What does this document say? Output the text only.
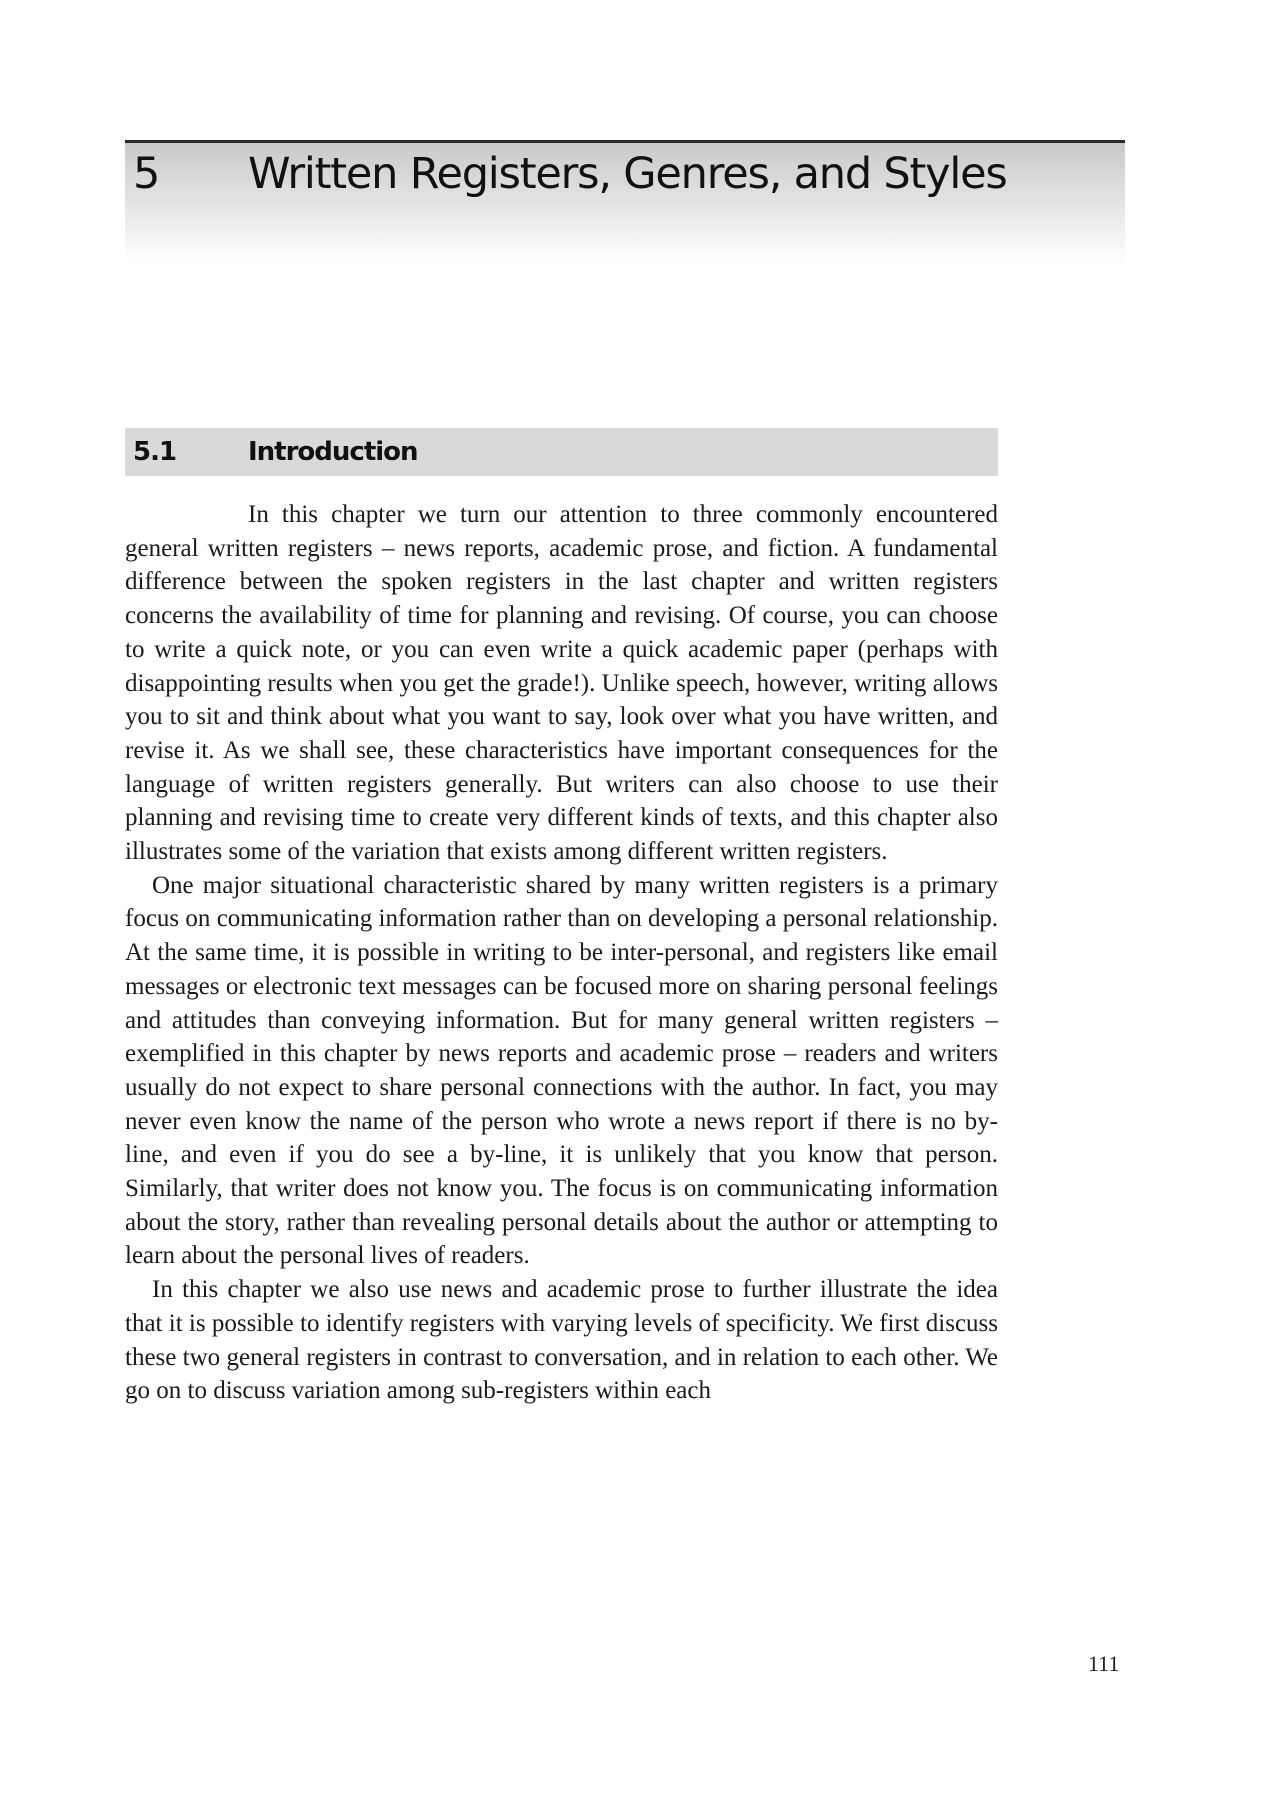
5 Written Registers, Genres, and Styles
5.1	Introduction

In this chapter we turn our attention to three commonly encountered general written registers – news reports, academic prose, and fiction. A fundamental difference between the spoken registers in the last chapter and written registers concerns the availability of time for planning and revising. Of course, you can choose to write a quick note, or you can even write a quick academic paper (perhaps with disappointing results when you get the grade!). Unlike speech, however, writing allows you to sit and think about what you want to say, look over what you have written, and revise it. As we shall see, these characteristics have important consequences for the language of written registers generally. But writers can also choose to use their planning and revising time to create very different kinds of texts, and this chapter also illustrates some of the variation that exists among different written registers.

One major situational characteristic shared by many written registers is a primary focus on communicating information rather than on developing a personal relationship. At the same time, it is possible in writing to be inter-personal, and registers like email messages or electronic text messages can be focused more on sharing personal feelings and attitudes than conveying information. But for many general written registers – exemplified in this chapter by news reports and academic prose – readers and writers usually do not expect to share personal connections with the author. In fact, you may never even know the name of the person who wrote a news report if there is no by-line, and even if you do see a by-line, it is unlikely that you know that person. Similarly, that writer does not know you. The focus is on communicating information about the story, rather than revealing personal details about the author or attempting to learn about the personal lives of readers.

In this chapter we also use news and academic prose to further illustrate the idea that it is possible to identify registers with varying levels of specificity. We first discuss these two general registers in contrast to conversation, and in relation to each other. We go on to discuss variation among sub-registers within each

111
